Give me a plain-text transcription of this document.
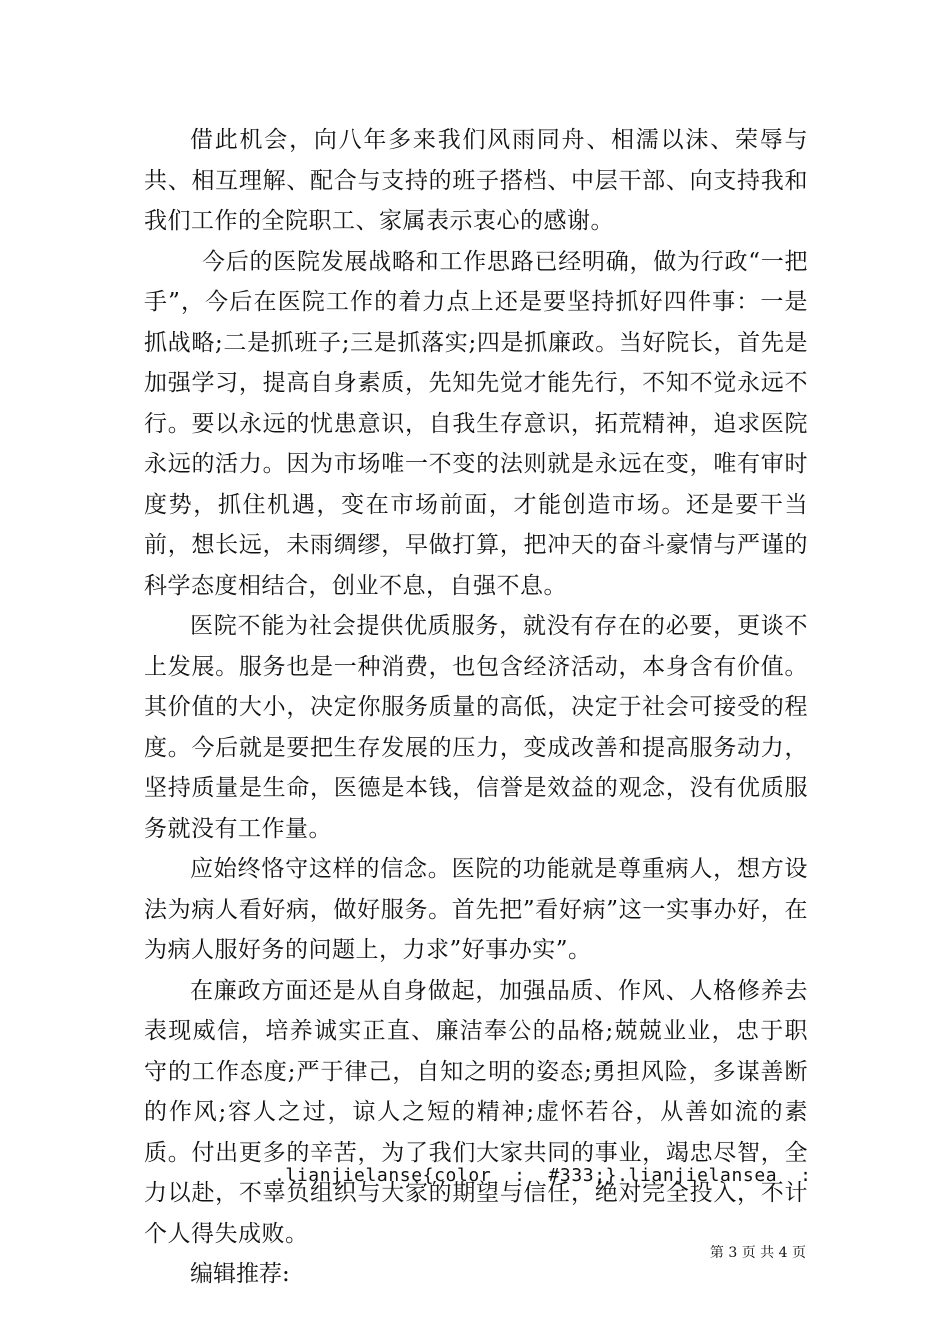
借此机会，向八年多来我们风雨同舟、相濡以沫、荣辱与共、相互理解、配合与支持的班子搭档、中层干部、向支持我和我们工作的全院职工、家属表示衷心的感谢。

今后的医院发展战略和工作思路已经明确，做为行政“一把手”，今后在医院工作的着力点上还是要坚持抓好四件事：一是抓战略;二是抓班子;三是抓落实;四是抓廉政。当好院长，首先是加强学习，提高自身素质，先知先觉才能先行，不知不觉永远不行。要以永远的忧患意识，自我生存意识，拓荒精神，追求医院永远的活力。因为市场唯一不变的法则就是永远在变，唯有审时度势，抓住机遇，变在市场前面，才能创造市场。还是要干当前，想长远，未雨绸缪，早做打算，把冲天的奋斗豪情与严谨的科学态度相结合，创业不息，自强不息。

医院不能为社会提供优质服务，就没有存在的必要，更谈不上发展。服务也是一种消费，也包含经济活动，本身含有价值。其价值的大小，决定你服务质量的高低，决定于社会可接受的程度。今后就是要把生存发展的压力，变成改善和提高服务动力，坚持质量是生命，医德是本钱，信誉是效益的观念，没有优质服务就没有工作量。

应始终恪守这样的信念。医院的功能就是尊重病人，想方设法为病人看好病，做好服务。首先把”看好病”这一实事办好，在为病人服好务的问题上，力求”好事办实”。

在廉政方面还是从自身做起，加强品质、作风、人格修养去表现威信，培养诚实正直、廉洁奉公的品格;兢兢业业，忠于职守的工作态度;严于律己，自知之明的姿态;勇担风险，多谋善断的作风;容人之过，谅人之短的精神;虚怀若谷，从善如流的素质。付出更多的辛苦，为了我们大家共同的事业，竭忠尽智，全力以赴，不辜负组织与大家的期望与信任，绝对完全投入，不计个人得失成败。

编辑推荐:

.lianjielanse{color  :  #333;}.lianjielansea  :
第 3 页 共 4 页
